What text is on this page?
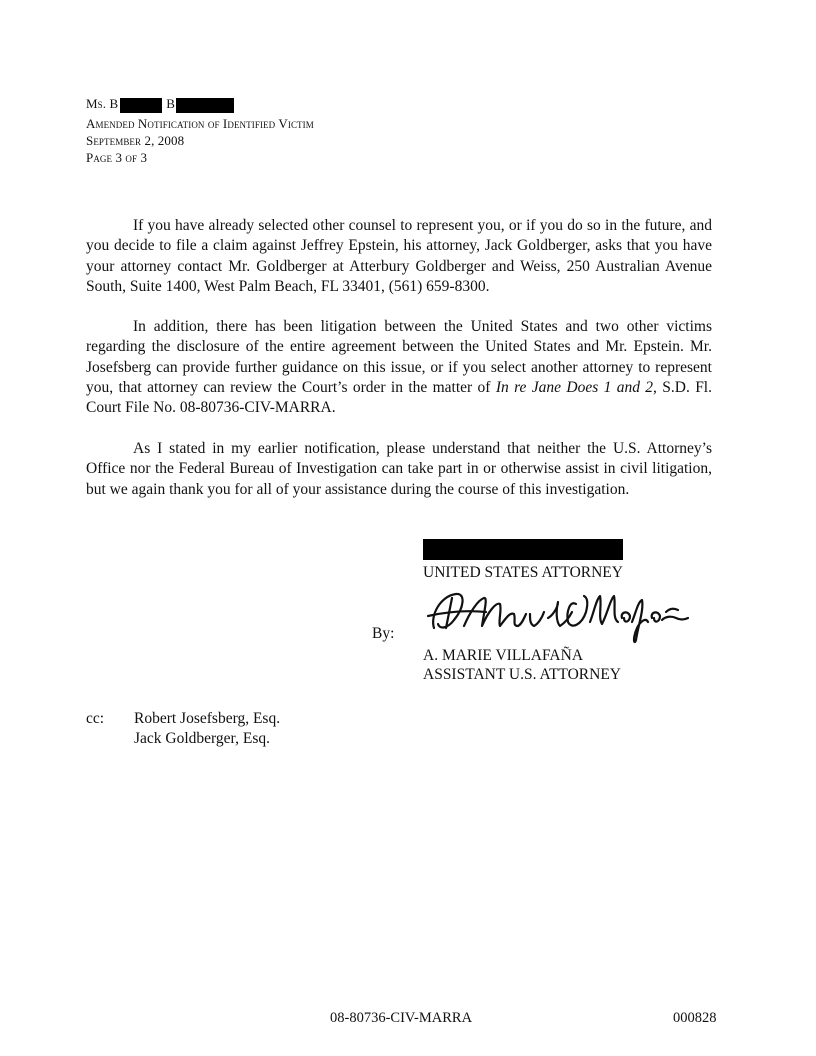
Ms. B	B
Amended Notification of Identified Victim
September 2, 2008
Page 3 of 3
If you have already selected other counsel to represent you, or if you do so in the future, and you decide to file a claim against Jeffrey Epstein, his attorney, Jack Goldberger, asks that you have your attorney contact Mr. Goldberger at Atterbury Goldberger and Weiss, 250 Australian Avenue South, Suite 1400, West Palm Beach, FL 33401, (561) 659-8300.
In addition, there has been litigation between the United States and two other victims regarding the disclosure of the entire agreement between the United States and Mr. Epstein. Mr. Josefsberg can provide further guidance on this issue, or if you select another attorney to represent you, that attorney can review the Court’s order in the matter of In re Jane Does 1 and 2, S.D. Fl. Court File No. 08-80736-CIV-MARRA.
As I stated in my earlier notification, please understand that neither the U.S. Attorney’s Office nor the Federal Bureau of Investigation can take part in or otherwise assist in civil litigation, but we again thank you for all of your assistance during the course of this investigation.
UNITED STATES ATTORNEY
By:
A. MARIE VILLAFAÑA
ASSISTANT U.S. ATTORNEY
cc: Robert Josefsberg, Esq.
Jack Goldberger, Esq.
08-80736-CIV-MARRA	000828
